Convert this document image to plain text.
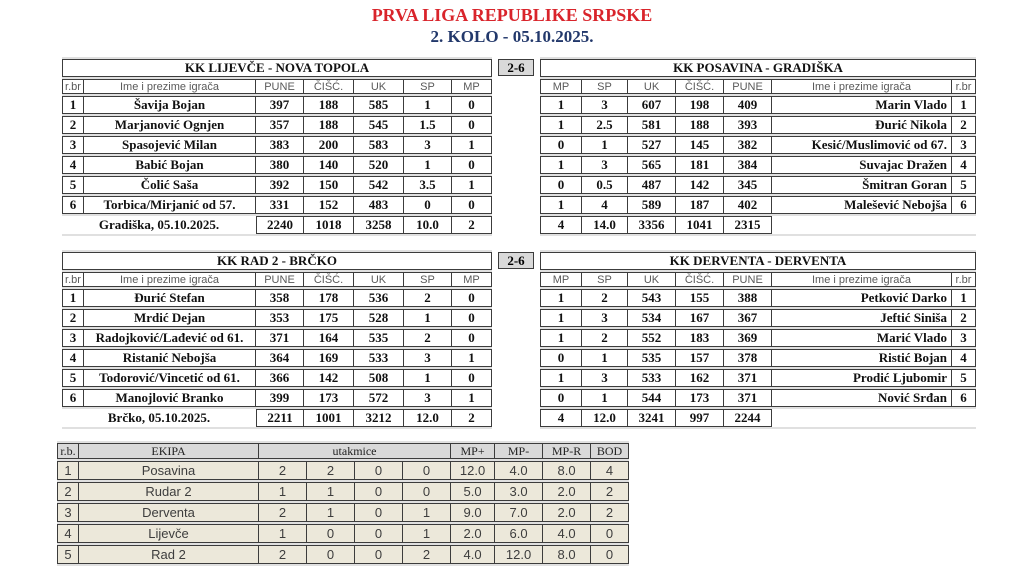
PRVA LIGA REPUBLIKE SRPSKE
2. KOLO - 05.10.2025.
KK LIJEVČE - NOVA TOPOLA						
r.br	Ime i prezime igrača	PUNE	ČIŠĆ.	UK	SP	MP
1	Šavija Bojan	397	188	585	1	0
2	Marjanović Ognjen	357	188	545	1.5	0
3	Spasojević Milan	383	200	583	3	1
4	Babić Bojan	380	140	520	1	0
5	Čolić Saša	392	150	542	3.5	1
6	Torbica/Mirjanić od 57.	331	152	483	0	0
Gradiška, 05.10.2025.		2240	1018	3258	10.0	2
2-6	KK POSAVINA - GRADIŠKA						
MP	SP	UK	ČIŠĆ.	PUNE	Ime i prezime igrača	r.br
1	3	607	198	409	Marin Vlado	1
1	2.5	581	188	393	Đurić Nikola	2
0	1	527	145	382	Kesić/Muslimović od 67.	3
1	3	565	181	384	Suvajac Dražen	4
0	0.5	487	142	345	Šmitran Goran	5
1	4	589	187	402	Malešević Nebojša	6
4	14.0	3356	1041	2315		
KK RAD 2 - BRČKO						
r.br	Ime i prezime igrača	PUNE	ČIŠĆ.	UK	SP	MP
1	Đurić Stefan	358	178	536	2	0
2	Mrdić Dejan	353	175	528	1	0
3	Radojković/Lađević od 61.	371	164	535	2	0
4	Ristanić Nebojša	364	169	533	3	1
5	Todorović/Vincetić od 61.	366	142	508	1	0
6	Manojlović Branko	399	173	572	3	1
Brčko, 05.10.2025.		2211	1001	3212	12.0	2
2-6	KK DERVENTA - DERVENTA						
MP	SP	UK	ČIŠĆ.	PUNE	Ime i prezime igrača	r.br
1	2	543	155	388	Petković Darko	1
1	3	534	167	367	Jeftić Siniša	2
1	2	552	183	369	Marić Vlado	3
0	1	535	157	378	Ristić Bojan	4
1	3	533	162	371	Prodić Ljubomir	5
0	1	544	173	371	Nović Srđan	6
4	12.0	3241	997	2244		
r.b.	EKIPA	utakmice				MP+	MP-	MP-R	BOD
1	Posavina	2	2	0	0	12.0	4.0	8.0	4
2	Rudar 2	1	1	0	0	5.0	3.0	2.0	2
3	Derventa	2	1	0	1	9.0	7.0	2.0	2
4	Lijevče	1	0	0	1	2.0	6.0	4.0	0
5	Rad 2	2	0	0	2	4.0	12.0	8.0	0
